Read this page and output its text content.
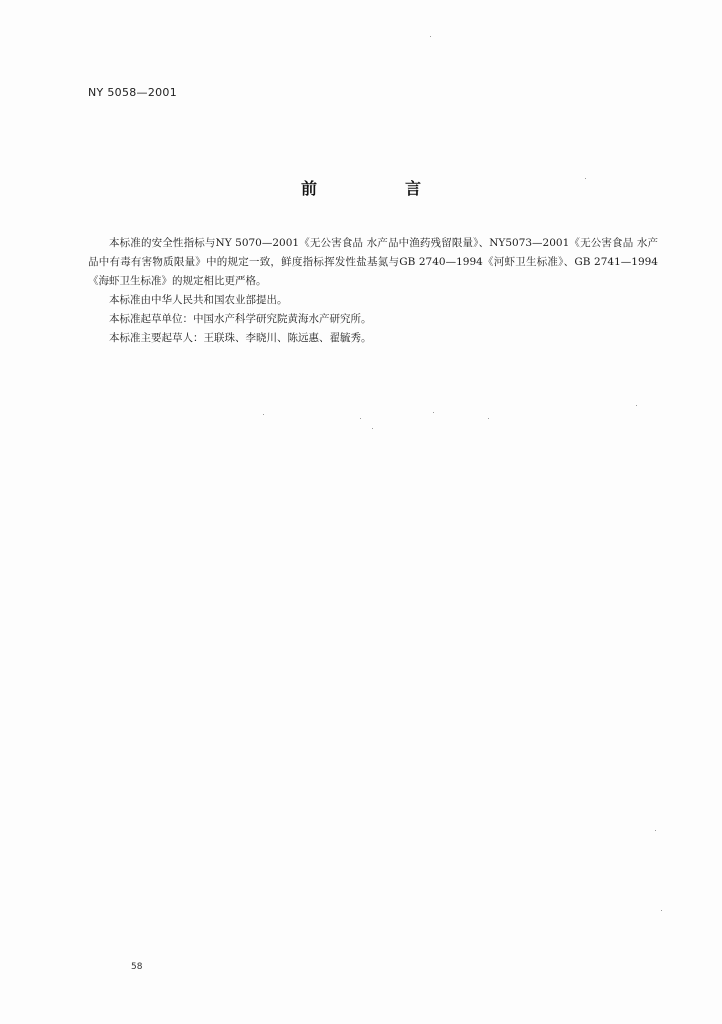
NY 5058—2001
前　言

本标准的安全性指标与NY 5070—2001《无公害食品 水产品中渔药残留限量》、NY5073—2001《无公害食品 水产品中有毒有害物质限量》中的规定一致，鲜度指标挥发性盐基氮与GB 2740—1994《河虾卫生标准》、GB 2741—1994《海虾卫生标准》的规定相比更严格。

本标准由中华人民共和国农业部提出。

本标准起草单位：中国水产科学研究院黄海水产研究所。

本标准主要起草人：王联珠、李晓川、陈远惠、翟毓秀。

58
